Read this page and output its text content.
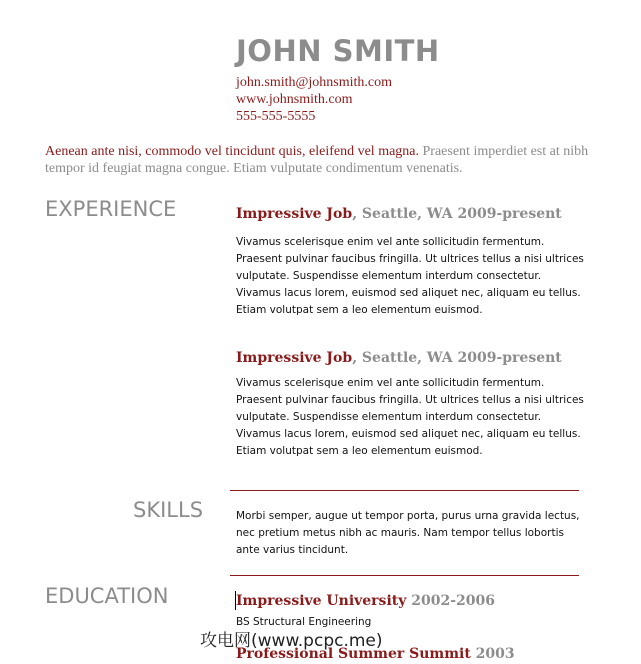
JOHN SMITH
john.smith@johnsmith.com
www.johnsmith.com
555-555-5555
Aenean ante nisi, commodo vel tincidunt quis, eleifend vel magna. Praesent imperdiet est at nibh tempor id feugiat magna congue. Etiam vulputate condimentum venenatis.
EXPERIENCE	Impressive Job, Seattle, WA 2009-present
Vivamus scelerisque enim vel ante sollicitudin fermentum. Praesent pulvinar faucibus fringilla. Ut ultrices tellus a nisi ultrices vulputate. Suspendisse elementum interdum consectetur. Vivamus lacus lorem, euismod sed aliquet nec, aliquam eu tellus. Etiam volutpat sem a leo elementum euismod.
Impressive Job, Seattle, WA 2009-present
Vivamus scelerisque enim vel ante sollicitudin fermentum. Praesent pulvinar faucibus fringilla. Ut ultrices tellus a nisi ultrices vulputate. Suspendisse elementum interdum consectetur. Vivamus lacus lorem, euismod sed aliquet nec, aliquam eu tellus. Etiam volutpat sem a leo elementum euismod.
SKILLS	Morbi semper, augue ut tempor porta, purus urna gravida lectus, nec pretium metus nibh ac mauris. Nam tempor tellus lobortis ante varius tincidunt.
EDUCATION	Impressive University 2002-2006
BS Structural Engineering
Professional Summer Summit 2003
攻电网(www.pcpc.me)
